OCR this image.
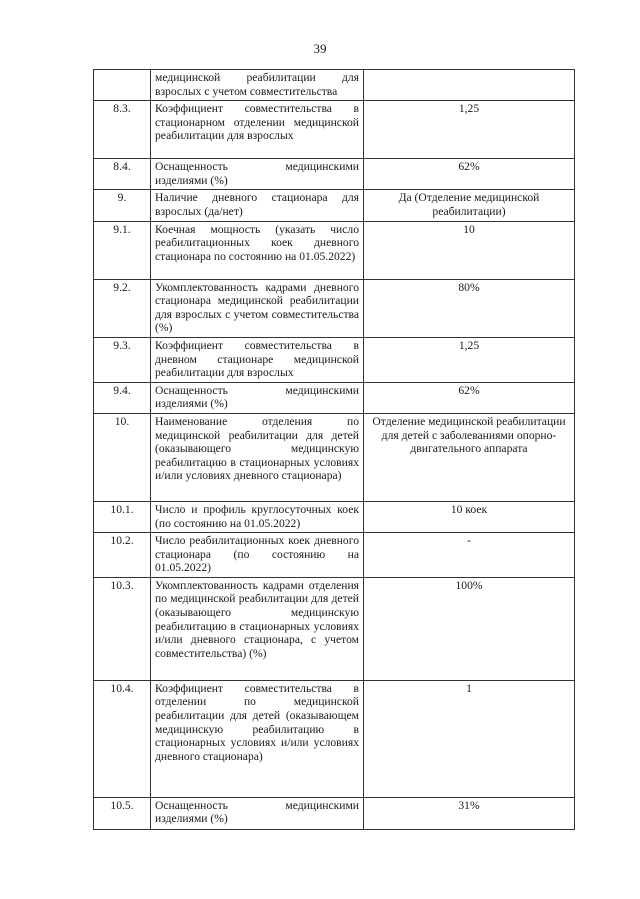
39
	медицинской реабилитации для взрослых с учетом совместительства	
8.3.	Коэффициент совместительства в стационарном отделении медицинской реабилитации для взрослых	1,25
8.4.	Оснащенность медицинскими изделиями (%)	62%
9.	Наличие дневного стационара для взрослых (да/нет)	Да (Отделение медицинской реабилитации)
9.1.	Коечная мощность (указать число реабилитационных коек дневного стационара по состоянию на 01.05.2022)	10
9.2.	Укомплектованность кадрами дневного стационара медицинской реабилитации для взрослых с учетом совместительства (%)	80%
9.3.	Коэффициент совместительства в дневном стационаре медицинской реабилитации для взрослых	1,25
9.4.	Оснащенность медицинскими изделиями (%)	62%
10.	Наименование отделения по медицинской реабилитации для детей (оказывающего медицинскую реабилитацию в стационарных условиях и/или условиях дневного стационара)	Отделение медицинской реабилитации для детей с заболеваниями опорно-двигательного аппарата
10.1.	Число и профиль круглосуточных коек (по состоянию на 01.05.2022)	10 коек
10.2.	Число реабилитационных коек дневного стационара (по состоянию на 01.05.2022)	-
10.3.	Укомплектованность кадрами отделения по медицинской реабилитации для детей (оказывающего медицинскую реабилитацию в стационарных условиях и/или дневного стационара, с учетом совместительства) (%)	100%
10.4.	Коэффициент совместительства в отделении по медицинской реабилитации для детей (оказывающем медицинскую реабилитацию в стационарных условиях и/или условиях дневного стационара)	1
10.5.	Оснащенность медицинскими изделиями (%)	31%
